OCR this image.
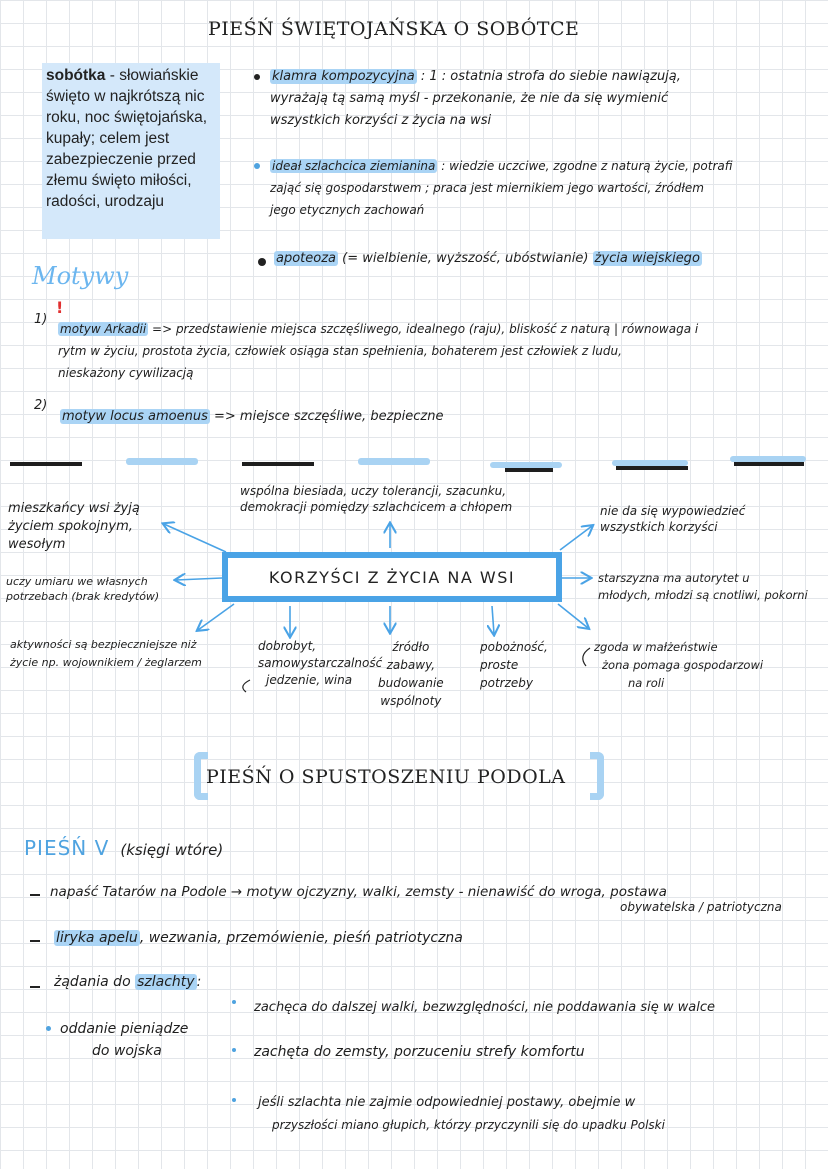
PIEŚŃ ŚWIĘTOJAŃSKA O SOBÓTCE
sobótka - słowiańskie święto w najkrótszą nic roku, noc świętojańska, kupały; celem jest zabezpieczenie przed złemu święto miłości, radości, urodzaju
klamra kompozycyjna : 1 : ostatnia strofa do siebie nawiązują,
wyrażają tą samą myśl - przekonanie, że nie da się wymienić
wszystkich korzyści z życia na wsi
ideał szlachcica ziemianina : wiedzie uczciwe, zgodne z naturą życie, potrafi
zająć się gospodarstwem ; praca jest miernikiem jego wartości, źródłem
jego etycznych zachowań
apoteoza (= wielbienie, wyższość, ubóstwianie) życia wiejskiego
Motywy
1)
!
motyw Arkadii => przedstawienie miejsca szczęśliwego, idealnego (raju), bliskość z naturą | równowaga i
rytm w życiu, prostota życia, człowiek osiąga stan spełnienia, bohaterem jest człowiek z ludu,
nieskażony cywilizacją
2)
motyw locus amoenus => miejsce szczęśliwe, bezpieczne
KORZYŚCI Z ŻYCIA NA WSI
wspólna biesiada, uczy tolerancji, szacunku,
demokracji pomiędzy szlachcicem a chłopem	nie da się wypowiedzieć
wszystkich korzyści
mieszkańcy wsi żyją
życiem spokojnym,
wesołym
uczy umiaru we własnych
potrzebach (brak kredytów)
starszyzna ma autorytet u
młodych, młodzi są cnotliwi, pokorni
aktywności są bezpieczniejsze niż
życie np. wojownikiem / żeglarzem
dobrobyt,
samowystarczalność
jedzenie, wina
źródło
zabawy,
budowanie
wspólnoty
pobożność,
proste
potrzeby
zgoda w małżeństwie
żona pomaga gospodarzowi
na roli
PIEŚŃ O SPUSTOSZENIU PODOLA
PIEŚŃ V (księgi wtóre)
napaść Tatarów na Podole → motyw ojczyzny, walki, zemsty - nienawiść do wroga, postawa
obywatelska / patriotyczna
liryka apelu , wezwania, przemówienie, pieśń patriotyczna
żądania do szlachty :
oddanie pieniądze
do wojska
zachęca do dalszej walki, bezwzględności, nie poddawania się w walce
zachęta do zemsty, porzuceniu strefy komfortu
jeśli szlachta nie zajmie odpowiedniej postawy, obejmie w
przyszłości miano głupich, którzy przyczynili się do upadku Polski
